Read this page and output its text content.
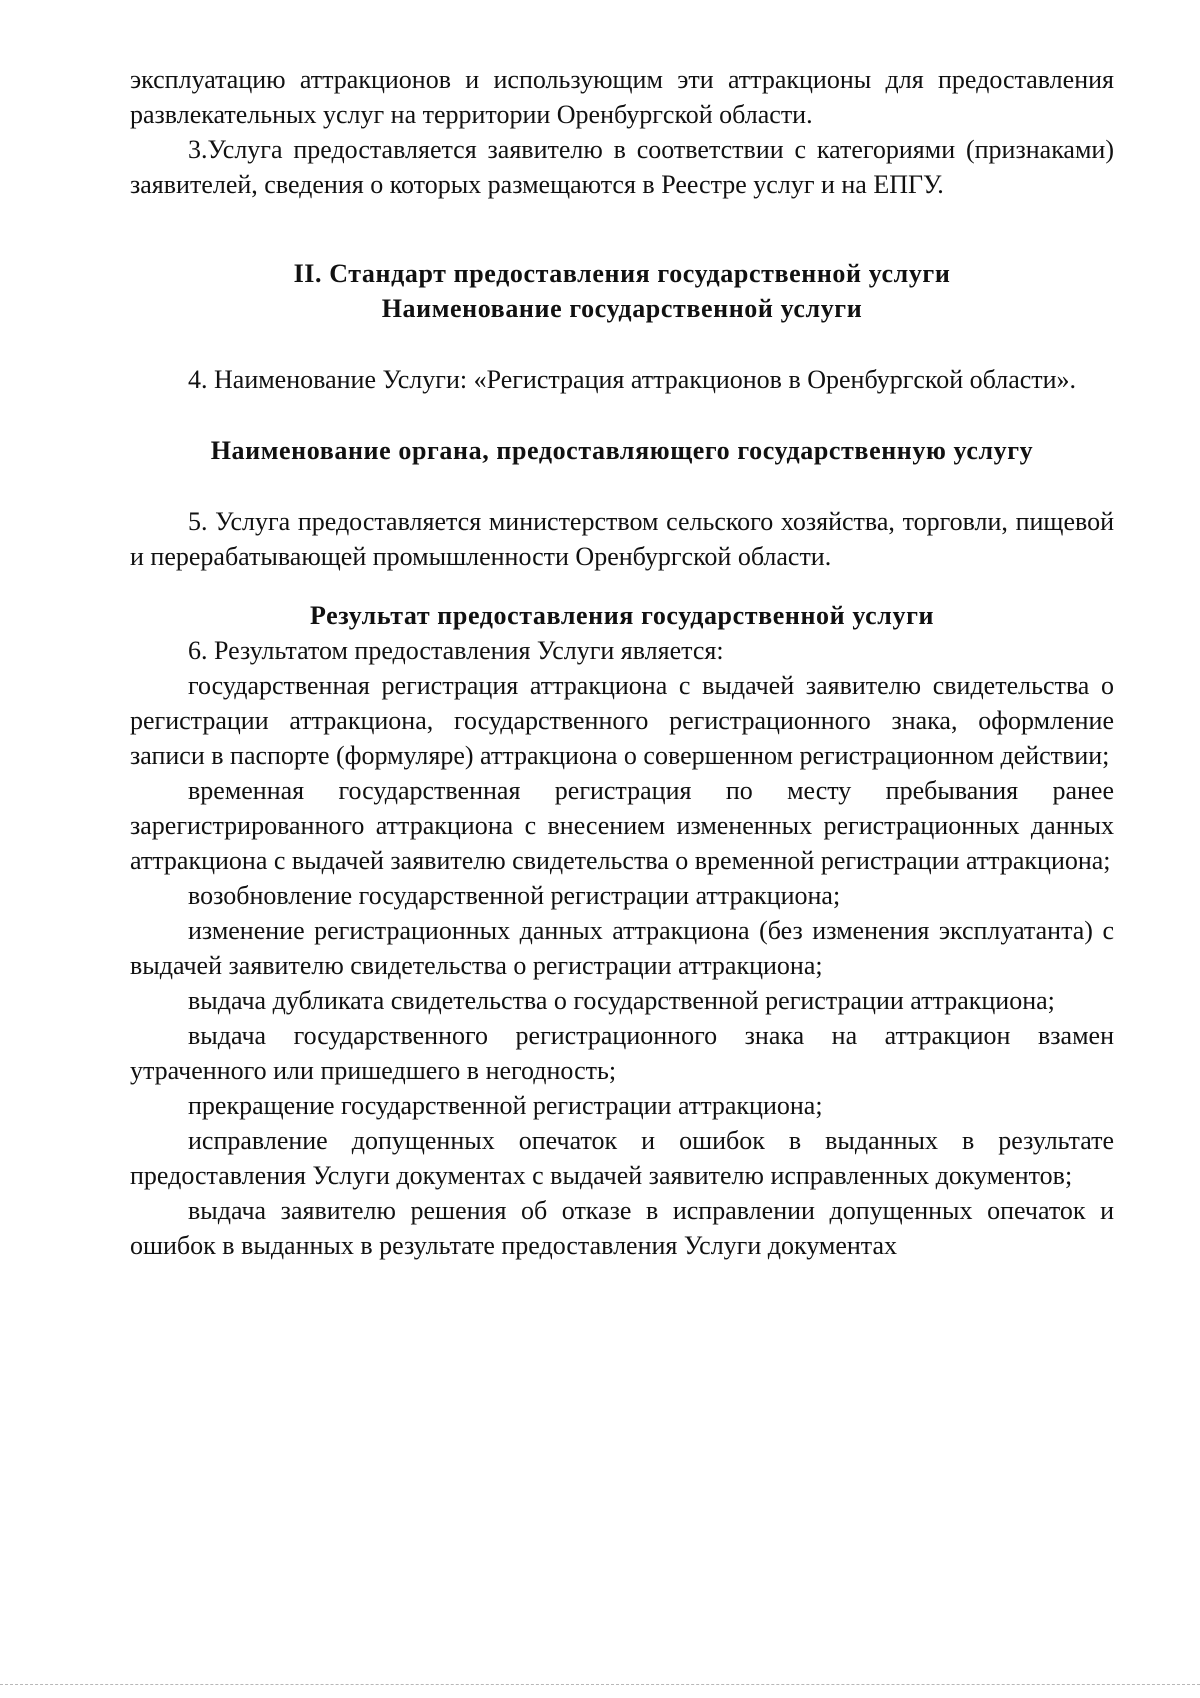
эксплуатацию аттракционов и использующим эти аттракционы для предоставления развлекательных услуг на территории Оренбургской области.

3.Услуга предоставляется заявителю в соответствии с категориями (признаками) заявителей, сведения о которых размещаются в Реестре услуг и на ЕПГУ.

II. Стандарт предоставления государственной услуги

Наименование государственной услуги

4. Наименование Услуги: «Регистрация аттракционов в Оренбургской области».

Наименование органа, предоставляющего государственную услугу

5. Услуга предоставляется министерством сельского хозяйства, торговли, пищевой и перерабатывающей промышленности Оренбургской области.

Результат предоставления государственной услуги

6. Результатом предоставления Услуги является:

государственная регистрация аттракциона с выдачей заявителю свидетельства о регистрации аттракциона, государственного регистрационного знака, оформление записи в паспорте (формуляре) аттракциона о совершенном регистрационном действии;

временная государственная регистрация по месту пребывания ранее зарегистрированного аттракциона с внесением измененных регистрационных данных аттракциона с выдачей заявителю свидетельства о временной регистрации аттракциона;

возобновление государственной регистрации аттракциона;

изменение регистрационных данных аттракциона (без изменения эксплуатанта) с выдачей заявителю свидетельства о регистрации аттракциона;

выдача дубликата свидетельства о государственной регистрации аттракциона;

выдача государственного регистрационного знака на аттракцион взамен утраченного или пришедшего в негодность;

прекращение государственной регистрации аттракциона;

исправление допущенных опечаток и ошибок в выданных в результате предоставления Услуги документах с выдачей заявителю исправленных документов;

выдача заявителю решения об отказе в исправлении допущенных опечаток и ошибок в выданных в результате предоставления Услуги документах
